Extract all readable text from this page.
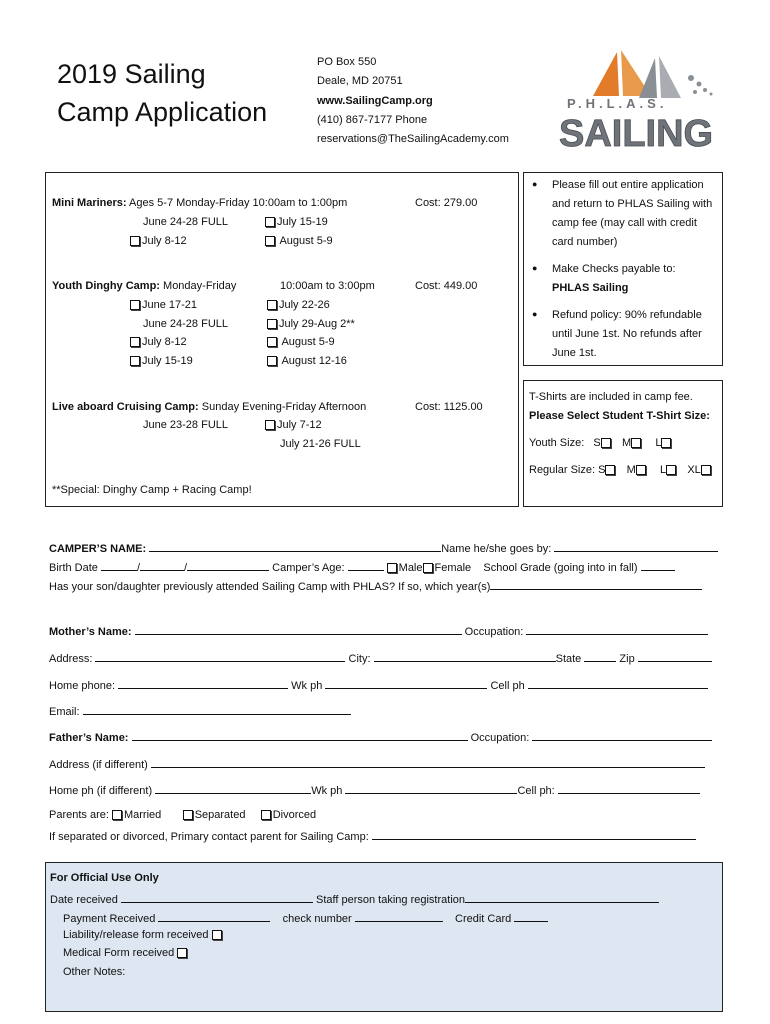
2019 Sailing
Camp Application
PO Box 550
Deale, MD 20751
www.SailingCamp.org
(410) 867-7177 Phone
reservations@TheSailingAcademy.com
P.H.L.A.S.
SAILING
Mini Mariners: Ages 5-7 Monday-Friday 10:00am to 1:00pm	Cost: 279.00
June 24-28 FULL	July 15-19
July 8-12	August 5-9
Youth Dinghy Camp: Monday-Friday	10:00am to 3:00pm	Cost: 449.00
June 17-21	July 22-26
June 24-28 FULL	July 29-Aug 2**
July 8-12	August 5-9
July 15-19	August 12-16
Live aboard Cruising Camp: Sunday Evening-Friday Afternoon	Cost: 1125.00
June 23-28 FULL	July 7-12
July 21-26 FULL
**Special: Dinghy Camp + Racing Camp!
● Please fill out entire application
and return to PHLAS Sailing with
camp fee (may call with credit
card number)
● Make Checks payable to:
PHLAS Sailing
● Refund policy: 90% refundable
until June 1st. No refunds after
June 1st.
T-Shirts are included in camp fee.
Please Select Student T-Shirt Size:
Youth Size: S M L
Regular Size: S M L XL
CAMPER’S NAME:	Name he/she goes by:
Birth Date	/	/	Camper’s Age:	Male Female School Grade (going into in fall)
Has your son/daughter previously attended Sailing Camp with PHLAS? If so, which year(s)
Mother’s Name:	Occupation:
Address:	City:	State	Zip
Home phone:	Wk ph	Cell ph
Email:
Father’s Name:	Occupation:
Address (if different)
Home ph (if different)	Wk ph	Cell ph:
Parents are: Married	Separated Divorced
If separated or divorced, Primary contact parent for Sailing Camp:
For Official Use Only
Date received	Staff person taking registration
Payment Received	check number	Credit Card
Liability/release form received
Medical Form received
Other Notes:
